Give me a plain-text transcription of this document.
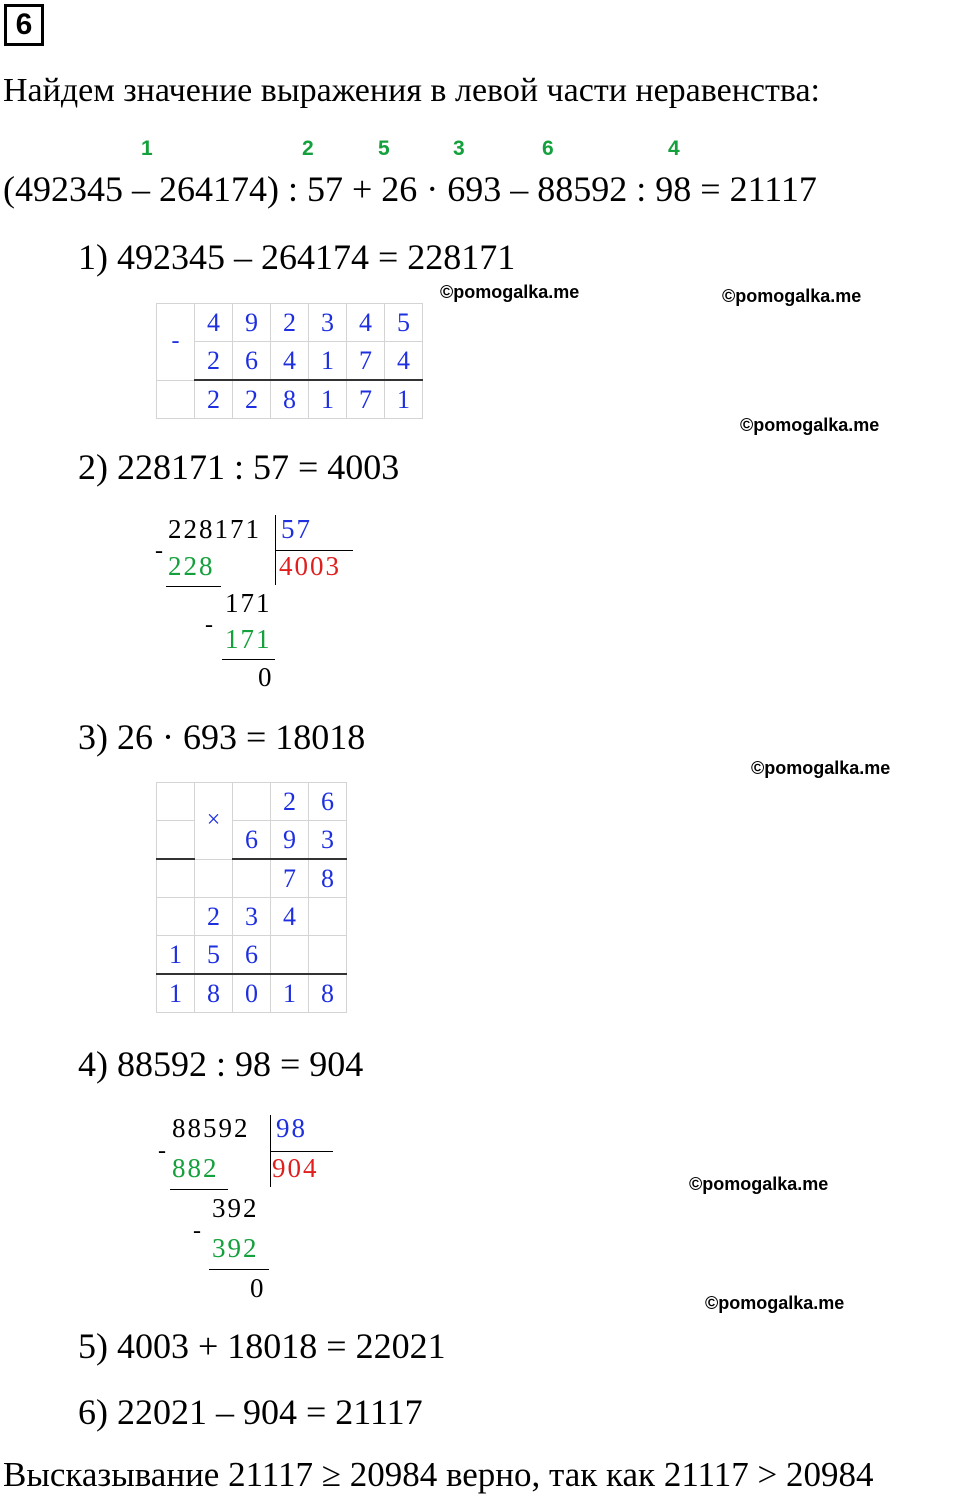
6
Найдем значение выражения в левой части неравенства:
1	2	5	3	6	4
(492345 – 264174) : 57 + 26 · 693 – 88592 : 98 = 21117
1) 492345 – 264174 = 228171
©pomogalka.me	©pomogalka.me
-	4	9	2	3	4	5
	2	6	4	1	7	4
	2	2	8	1	7	1
©pomogalka.me
2) 228171 : 57 = 4003
228171 57
- 228 4003
171
- 171
0
3) 26 · 693 = 18018
©pomogalka.me
	×		2	6
		6	9	3
			7	8
	2	3	4	
1	5	6		
1	8	0	1	8
4) 88592 : 98 = 904
88592 98
-
882 904
392
-
392
0
©pomogalka.me
©pomogalka.me
5) 4003 + 18018 = 22021
6) 22021 – 904 = 21117
Высказывание 21117 ≥ 20984 верно, так как 21117 > 20984
